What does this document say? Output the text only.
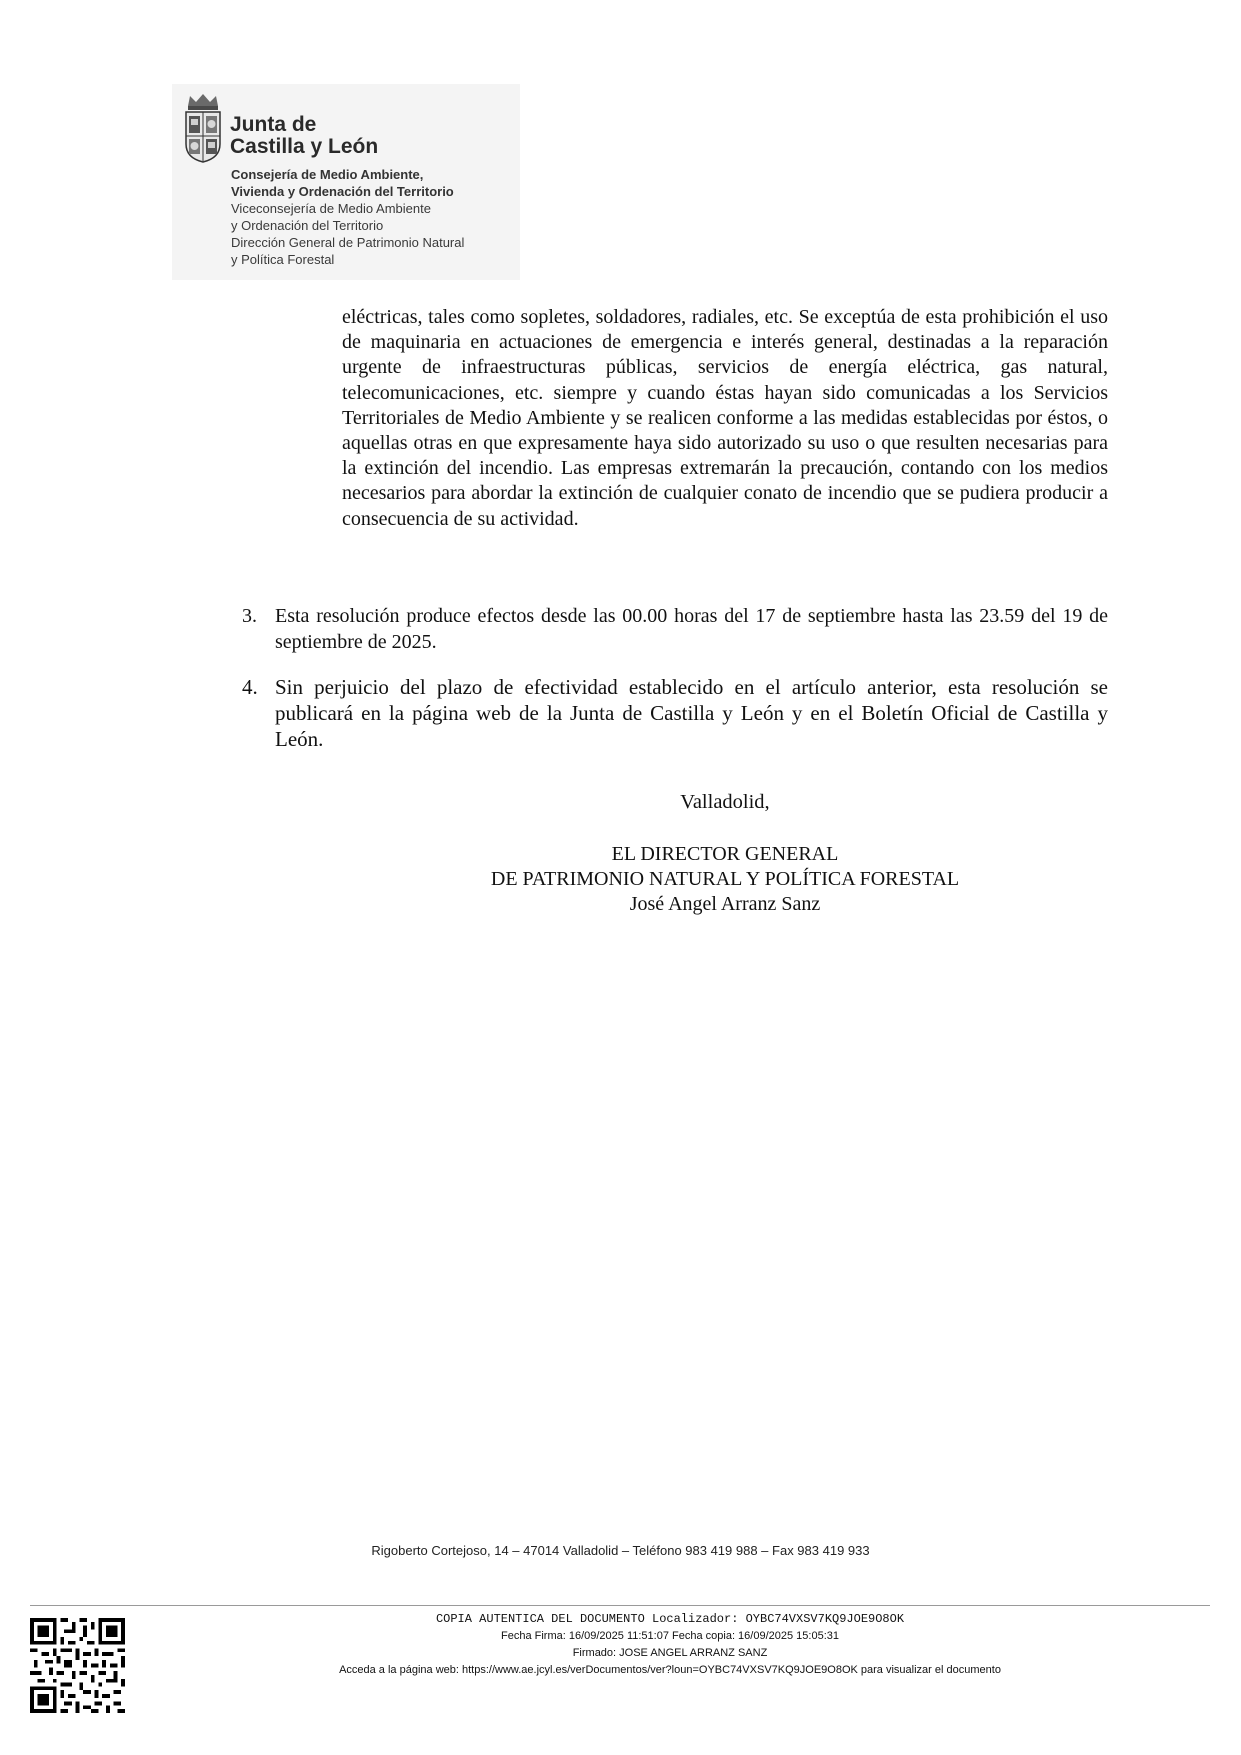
Junta de
Castilla y León
Consejería de Medio Ambiente,
Vivienda y Ordenación del Territorio
Viceconsejería de Medio Ambiente
y Ordenación del Territorio
Dirección General de Patrimonio Natural
y Política Forestal
eléctricas, tales como sopletes, soldadores, radiales, etc. Se exceptúa de esta prohibición el uso de maquinaria en actuaciones de emergencia e interés general, destinadas a la reparación urgente de infraestructuras públicas, servicios de energía eléctrica, gas natural, telecomunicaciones, etc. siempre y cuando éstas hayan sido comunicadas a los Servicios Territoriales de Medio Ambiente y se realicen conforme a las medidas establecidas por éstos, o aquellas otras en que expresamente haya sido autorizado su uso o que resulten necesarias para la extinción del incendio. Las empresas extremarán la precaución, contando con los medios necesarios para abordar la extinción de cualquier conato de incendio que se pudiera producir a consecuencia de su actividad.
3. Esta resolución produce efectos desde las 00.00 horas del 17 de septiembre hasta las 23.59 del 19 de septiembre de 2025.
4. Sin perjuicio del plazo de efectividad establecido en el artículo anterior, esta resolución se publicará en la página web de la Junta de Castilla y León y en el Boletín Oficial de Castilla y León.
Valladolid,
EL DIRECTOR GENERAL
DE PATRIMONIO NATURAL Y POLÍTICA FORESTAL
José Angel Arranz Sanz
Rigoberto Cortejoso, 14 – 47014 Valladolid – Teléfono 983 419 988 – Fax 983 419 933
COPIA AUTENTICA DEL DOCUMENTO Localizador: OYBC74VXSV7KQ9JOE9O8OK
Fecha Firma: 16/09/2025 11:51:07 Fecha copia: 16/09/2025 15:05:31
Firmado: JOSE ANGEL ARRANZ SANZ
Acceda a la página web: https://www.ae.jcyl.es/verDocumentos/ver?loun=OYBC74VXSV7KQ9JOE9O8OK para visualizar el documento
